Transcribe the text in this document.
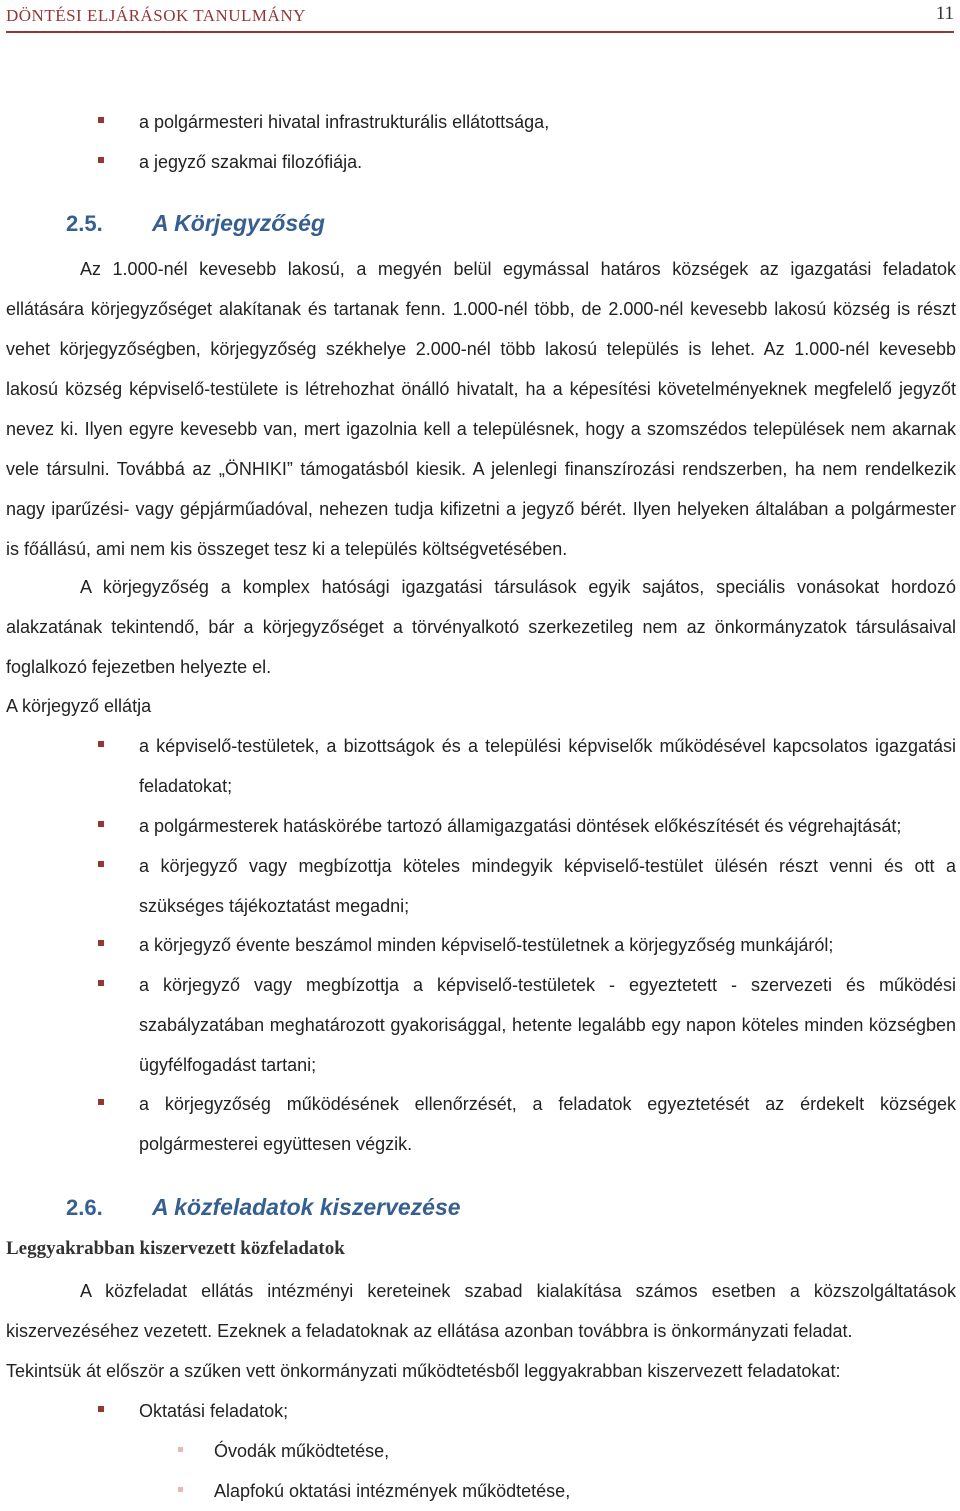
DÖNTÉSI ELJÁRÁSOK TANULMÁNY	11
a polgármesteri hivatal infrastrukturális ellátottsága,
a jegyző szakmai filozófiája.
2.5. A Körjegyzőség
Az 1.000-nél kevesebb lakosú, a megyén belül egymással határos községek az igazgatási feladatok ellátására körjegyzőséget alakítanak és tartanak fenn. 1.000-nél több, de 2.000-nél kevesebb lakosú község is részt vehet körjegyzőségben, körjegyzőség székhelye 2.000-nél több lakosú település is lehet. Az 1.000-nél kevesebb lakosú község képviselő-testülete is létrehozhat önálló hivatalt, ha a képesítési követelményeknek megfelelő jegyzőt nevez ki. Ilyen egyre kevesebb van, mert igazolnia kell a településnek, hogy a szomszédos települések nem akarnak vele társulni. Továbbá az „ÖNHIKI” támogatásból kiesik. A jelenlegi finanszírozási rendszerben, ha nem rendelkezik nagy iparűzési- vagy gépjárműadóval, nehezen tudja kifizetni a jegyző bérét. Ilyen helyeken általában a polgármester is főállású, ami nem kis összeget tesz ki a település költségvetésében.
A körjegyzőség a komplex hatósági igazgatási társulások egyik sajátos, speciális vonásokat hordozó alakzatának tekintendő, bár a körjegyzőséget a törvényalkotó szerkezetileg nem az önkormányzatok társulásaival foglalkozó fejezetben helyezte el.
A körjegyző ellátja
a képviselő-testületek, a bizottságok és a települési képviselők működésével kapcsolatos igazgatási feladatokat;
a polgármesterek hatáskörébe tartozó államigazgatási döntések előkészítését és végrehajtását;
a körjegyző vagy megbízottja köteles mindegyik képviselő-testület ülésén részt venni és ott a szükséges tájékoztatást megadni;
a körjegyző évente beszámol minden képviselő-testületnek a körjegyzőség munkájáról;
a körjegyző vagy megbízottja a képviselő-testületek - egyeztetett - szervezeti és működési szabályzatában meghatározott gyakorisággal, hetente legalább egy napon köteles minden községben ügyfélfogadást tartani;
a körjegyzőség működésének ellenőrzését, a feladatok egyeztetését az érdekelt községek polgármesterei együttesen végzik.
2.6. A közfeladatok kiszervezése
Leggyakrabban kiszervezett közfeladatok
A közfeladat ellátás intézményi kereteinek szabad kialakítása számos esetben a közszolgáltatások kiszervezéséhez vezetett. Ezeknek a feladatoknak az ellátása azonban továbbra is önkormányzati feladat.
Tekintsük át először a szűken vett önkormányzati működtetésből leggyakrabban kiszervezett feladatokat:
Oktatási feladatok;
Óvodák működtetése,
Alapfokú oktatási intézmények működtetése,
